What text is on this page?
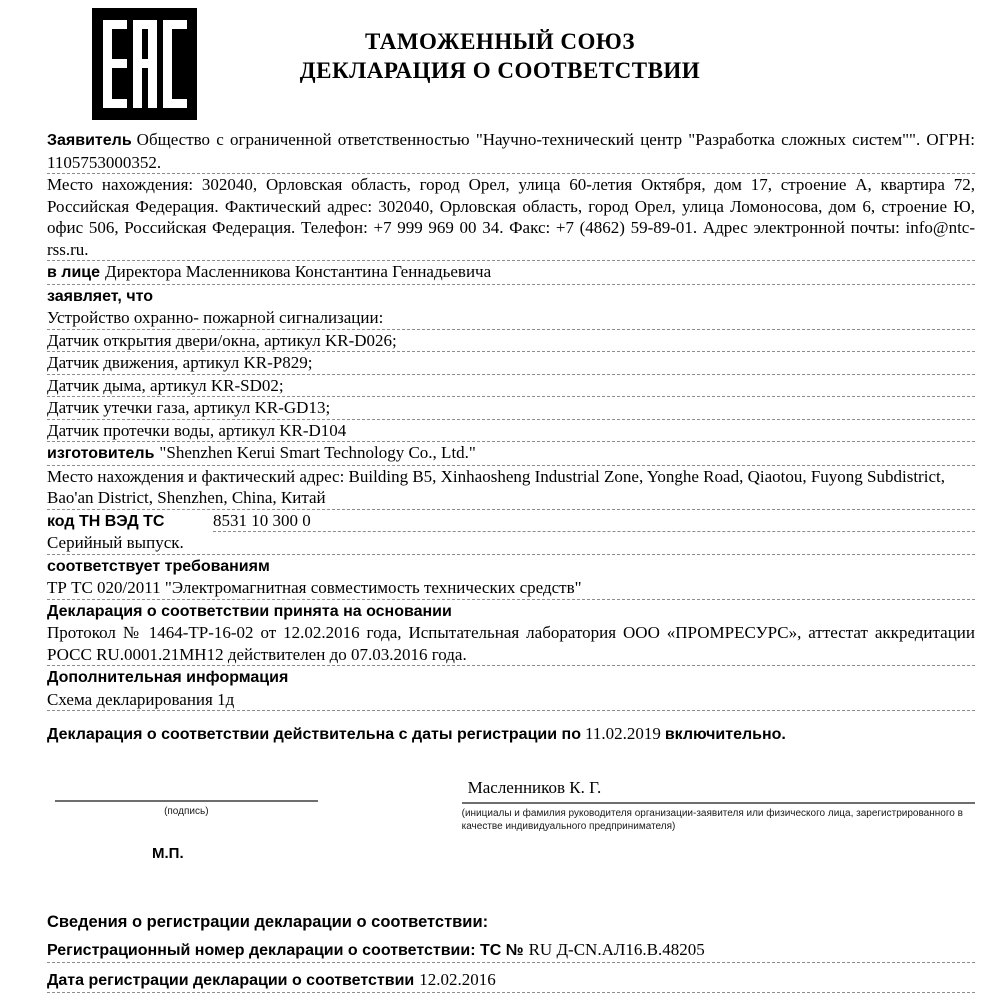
ТАМОЖЕННЫЙ СОЮЗ
ДЕКЛАРАЦИЯ О СООТВЕТСТВИИ

Заявитель Общество с ограниченной ответственностью "Научно-технический центр "Разработка сложных систем"". ОГРН: 1105753000352.

Место нахождения: 302040, Орловская область, город Орел, улица 60-летия Октября, дом 17, строение А, квартира 72, Российская Федерация. Фактический адрес: 302040, Орловская область, город Орел, улица Ломоносова, дом 6, строение Ю, офис 506, Российская Федерация. Телефон: +7 999 969 00 34. Факс: +7 (4862) 59-89-01. Адрес электронной почты: info@ntc-rss.ru.

в лице Директора Масленникова Константина Геннадьевича

заявляет, что

Устройство охранно- пожарной сигнализации:

Датчик открытия двери/окна, артикул KR-D026;

Датчик движения, артикул KR-P829;

Датчик дыма, артикул KR-SD02;

Датчик утечки газа, артикул KR-GD13;

Датчик протечки воды, артикул KR-D104

изготовитель "Shenzhen Kerui Smart Technology Co., Ltd."

Место нахождения и фактический адрес: Building B5, Xinhaosheng Industrial Zone, Yonghe Road, Qiaotou, Fuyong Subdistrict, Bao'an District, Shenzhen, China, Китай

код ТН ВЭД ТС	8531 10 300 0

Серийный выпуск.

соответствует требованиям

ТР ТС 020/2011 "Электромагнитная совместимость технических средств"

Декларация о соответствии принята на основании

Протокол № 1464-ТР-16-02 от 12.02.2016 года, Испытательная лаборатория ООО «ПРОМРЕСУРС», аттестат аккредитации РОСС RU.0001.21МН12 действителен до 07.03.2016 года.

Дополнительная информация

Схема декларирования 1д

Декларация о соответствии действительна с даты регистрации по 11.02.2019 включительно.

(подпись)
М.П.
Масленников К. Г.
(инициалы и фамилия руководителя организации-заявителя или физического лица, зарегистрированного в качестве индивидуального предпринимателя)
Сведения о регистрации декларации о соответствии:

Регистрационный номер декларации о соответствии: ТС № RU Д-CN.АЛ16.В.48205

Дата регистрации декларации о соответствии 12.02.2016
